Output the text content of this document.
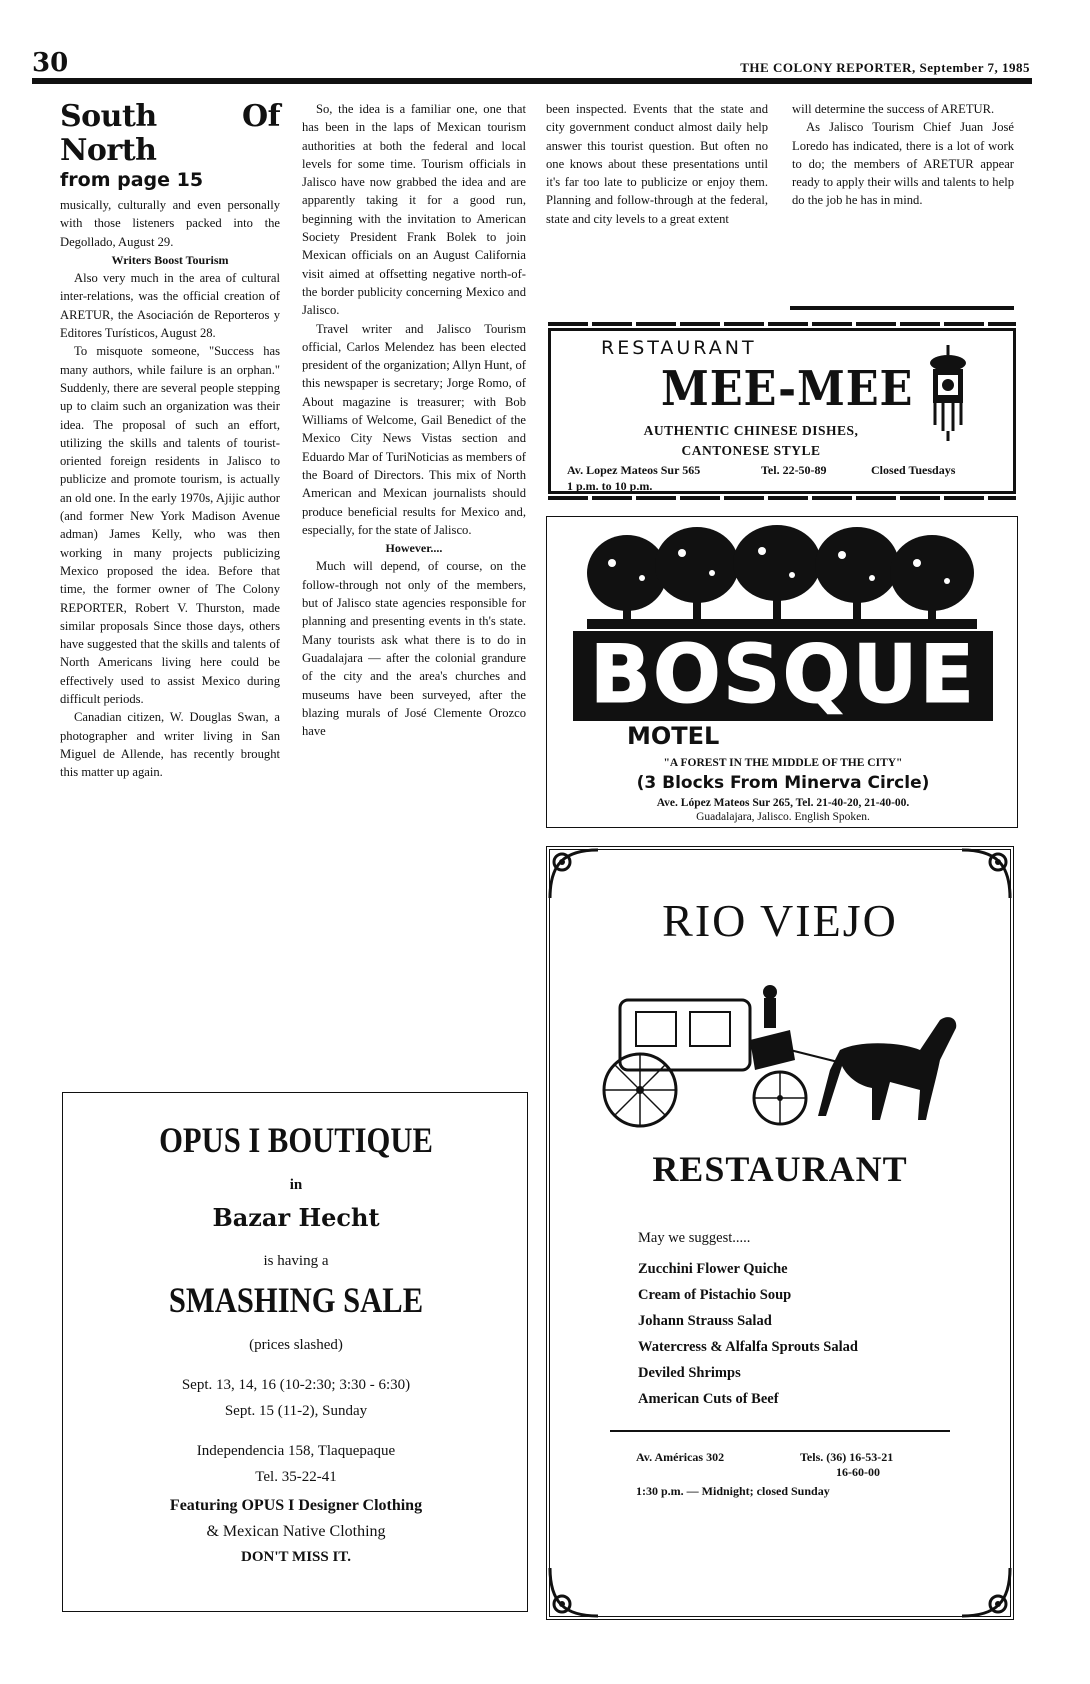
30	THE COLONY REPORTER, September 7, 1985
South Of North
from page 15

musically, culturally and even personally with those listeners packed into the Degollado, August 29.

Writers Boost Tourism

Also very much in the area of cultural inter-relations, was the official creation of ARETUR, the Asociación de Reporteros y Editores Turísticos, August 28.

To misquote someone, "Success has many authors, while failure is an orphan." Suddenly, there are several people stepping up to claim such an organization was their idea. The proposal of such an effort, utilizing the skills and talents of tourist-oriented foreign residents in Jalisco to publicize and promote tourism, is actually an old one. In the early 1970s, Ajijic author (and former New York Madison Avenue adman) James Kelly, who was then working in many projects publicizing Mexico proposed the idea. Before that time, the former owner of The Colony REPORTER, Robert V. Thurston, made similar proposals Since those days, others have suggested that the skills and talents of North Americans living here could be effectively used to assist Mexico during difficult periods.

Canadian citizen, W. Douglas Swan, a photographer and writer living in San Miguel de Allende, has recently brought this matter up again.

So, the idea is a familiar one, one that has been in the laps of Mexican tourism authorities at both the federal and local levels for some time. Tourism officials in Jalisco have now grabbed the idea and are apparently taking it for a good run, beginning with the invitation to American Society President Frank Bolek to join Mexican officials on an August California visit aimed at offsetting negative north-of-the border publicity concerning Mexico and Jalisco.

Travel writer and Jalisco Tourism official, Carlos Melendez has been elected president of the organization; Allyn Hunt, of this newspaper is secretary; Jorge Romo, of About magazine is treasurer; with Bob Williams of Welcome, Gail Benedict of the Mexico City News Vistas section and Eduardo Mar of TuriNoticias as members of the Board of Directors. This mix of North American and Mexican journalists should produce beneficial results for Mexico and, especially, for the state of Jalisco.

However....

Much will depend, of course, on the follow-through not only of the members, but of Jalisco state agencies responsible for planning and presenting events in th's state. Many tourists ask what there is to do in Guadalajara — after the colonial grandure of the city and the area's churches and museums have been surveyed, after the blazing murals of José Clemente Orozco have

been inspected. Events that the state and city government conduct almost daily help answer this tourist question. But often no one knows about these presentations until it's far too late to publicize or enjoy them. Planning and follow-through at the federal, state and city levels to a great extent

will determine the success of ARETUR.

As Jalisco Tourism Chief Juan José Loredo has indicated, there is a lot of work to do; the members of ARETUR appear ready to apply their wills and talents to help do the job he has in mind.

RESTAURANT
MEE-MEE
AUTHENTIC CHINESE DISHES,
CANTONESE STYLE
Av. Lopez Mateos Sur 565	Tel. 22-50-89	Closed Tuesdays
1 p.m. to 10 p.m.
BOSQUE
MOTEL
"A FOREST IN THE MIDDLE OF THE CITY"
(3 Blocks From Minerva Circle)
Ave. López Mateos Sur 265, Tel. 21-40-20, 21-40-00.
Guadalajara, Jalisco. English Spoken.
OPUS I BOUTIQUE
in
Bazar Hecht
is having a
SMASHING SALE
(prices slashed)
Sept. 13, 14, 16 (10-2:30; 3:30 - 6:30)
Sept. 15 (11-2), Sunday
Independencia 158, Tlaquepaque
Tel. 35-22-41
Featuring OPUS I Designer Clothing
& Mexican Native Clothing
DON'T MISS IT.
RIO VIEJO
RESTAURANT
May we suggest.....
Zucchini Flower Quiche
Cream of Pistachio Soup
Johann Strauss Salad
Watercress & Alfalfa Sprouts Salad
Deviled Shrimps
American Cuts of Beef
Av. Américas 302	Tels. (36) 16-53-21
16-60-00
1:30 p.m. — Midnight; closed Sunday
